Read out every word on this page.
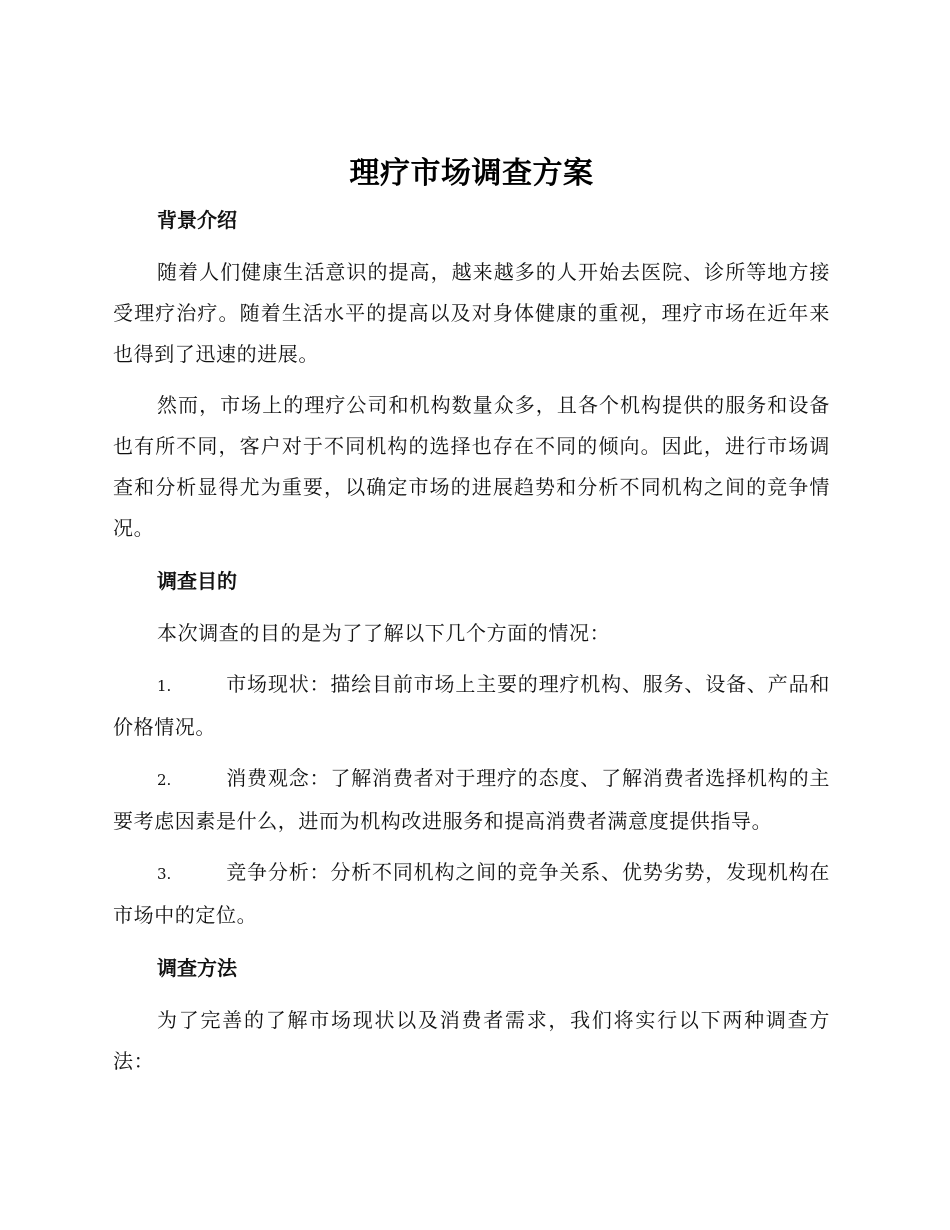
理疗市场调查方案
背景介绍

随着人们健康生活意识的提高，越来越多的人开始去医院、诊所等地方接受理疗治疗。随着生活水平的提高以及对身体健康的重视，理疗市场在近年来也得到了迅速的进展。

然而，市场上的理疗公司和机构数量众多，且各个机构提供的服务和设备也有所不同，客户对于不同机构的选择也存在不同的倾向。因此，进行市场调查和分析显得尤为重要，以确定市场的进展趋势和分析不同机构之间的竞争情况。

调查目的

本次调查的目的是为了了解以下几个方面的情况：

1.	市场现状：描绘目前市场上主要的理疗机构、服务、设备、产品和价格情况。

2.	消费观念：了解消费者对于理疗的态度、了解消费者选择机构的主要考虑因素是什么，进而为机构改进服务和提高消费者满意度提供指导。

3.	竞争分析：分析不同机构之间的竞争关系、优势劣势，发现机构在市场中的定位。

调查方法

为了完善的了解市场现状以及消费者需求，我们将实行以下两种调查方法：
